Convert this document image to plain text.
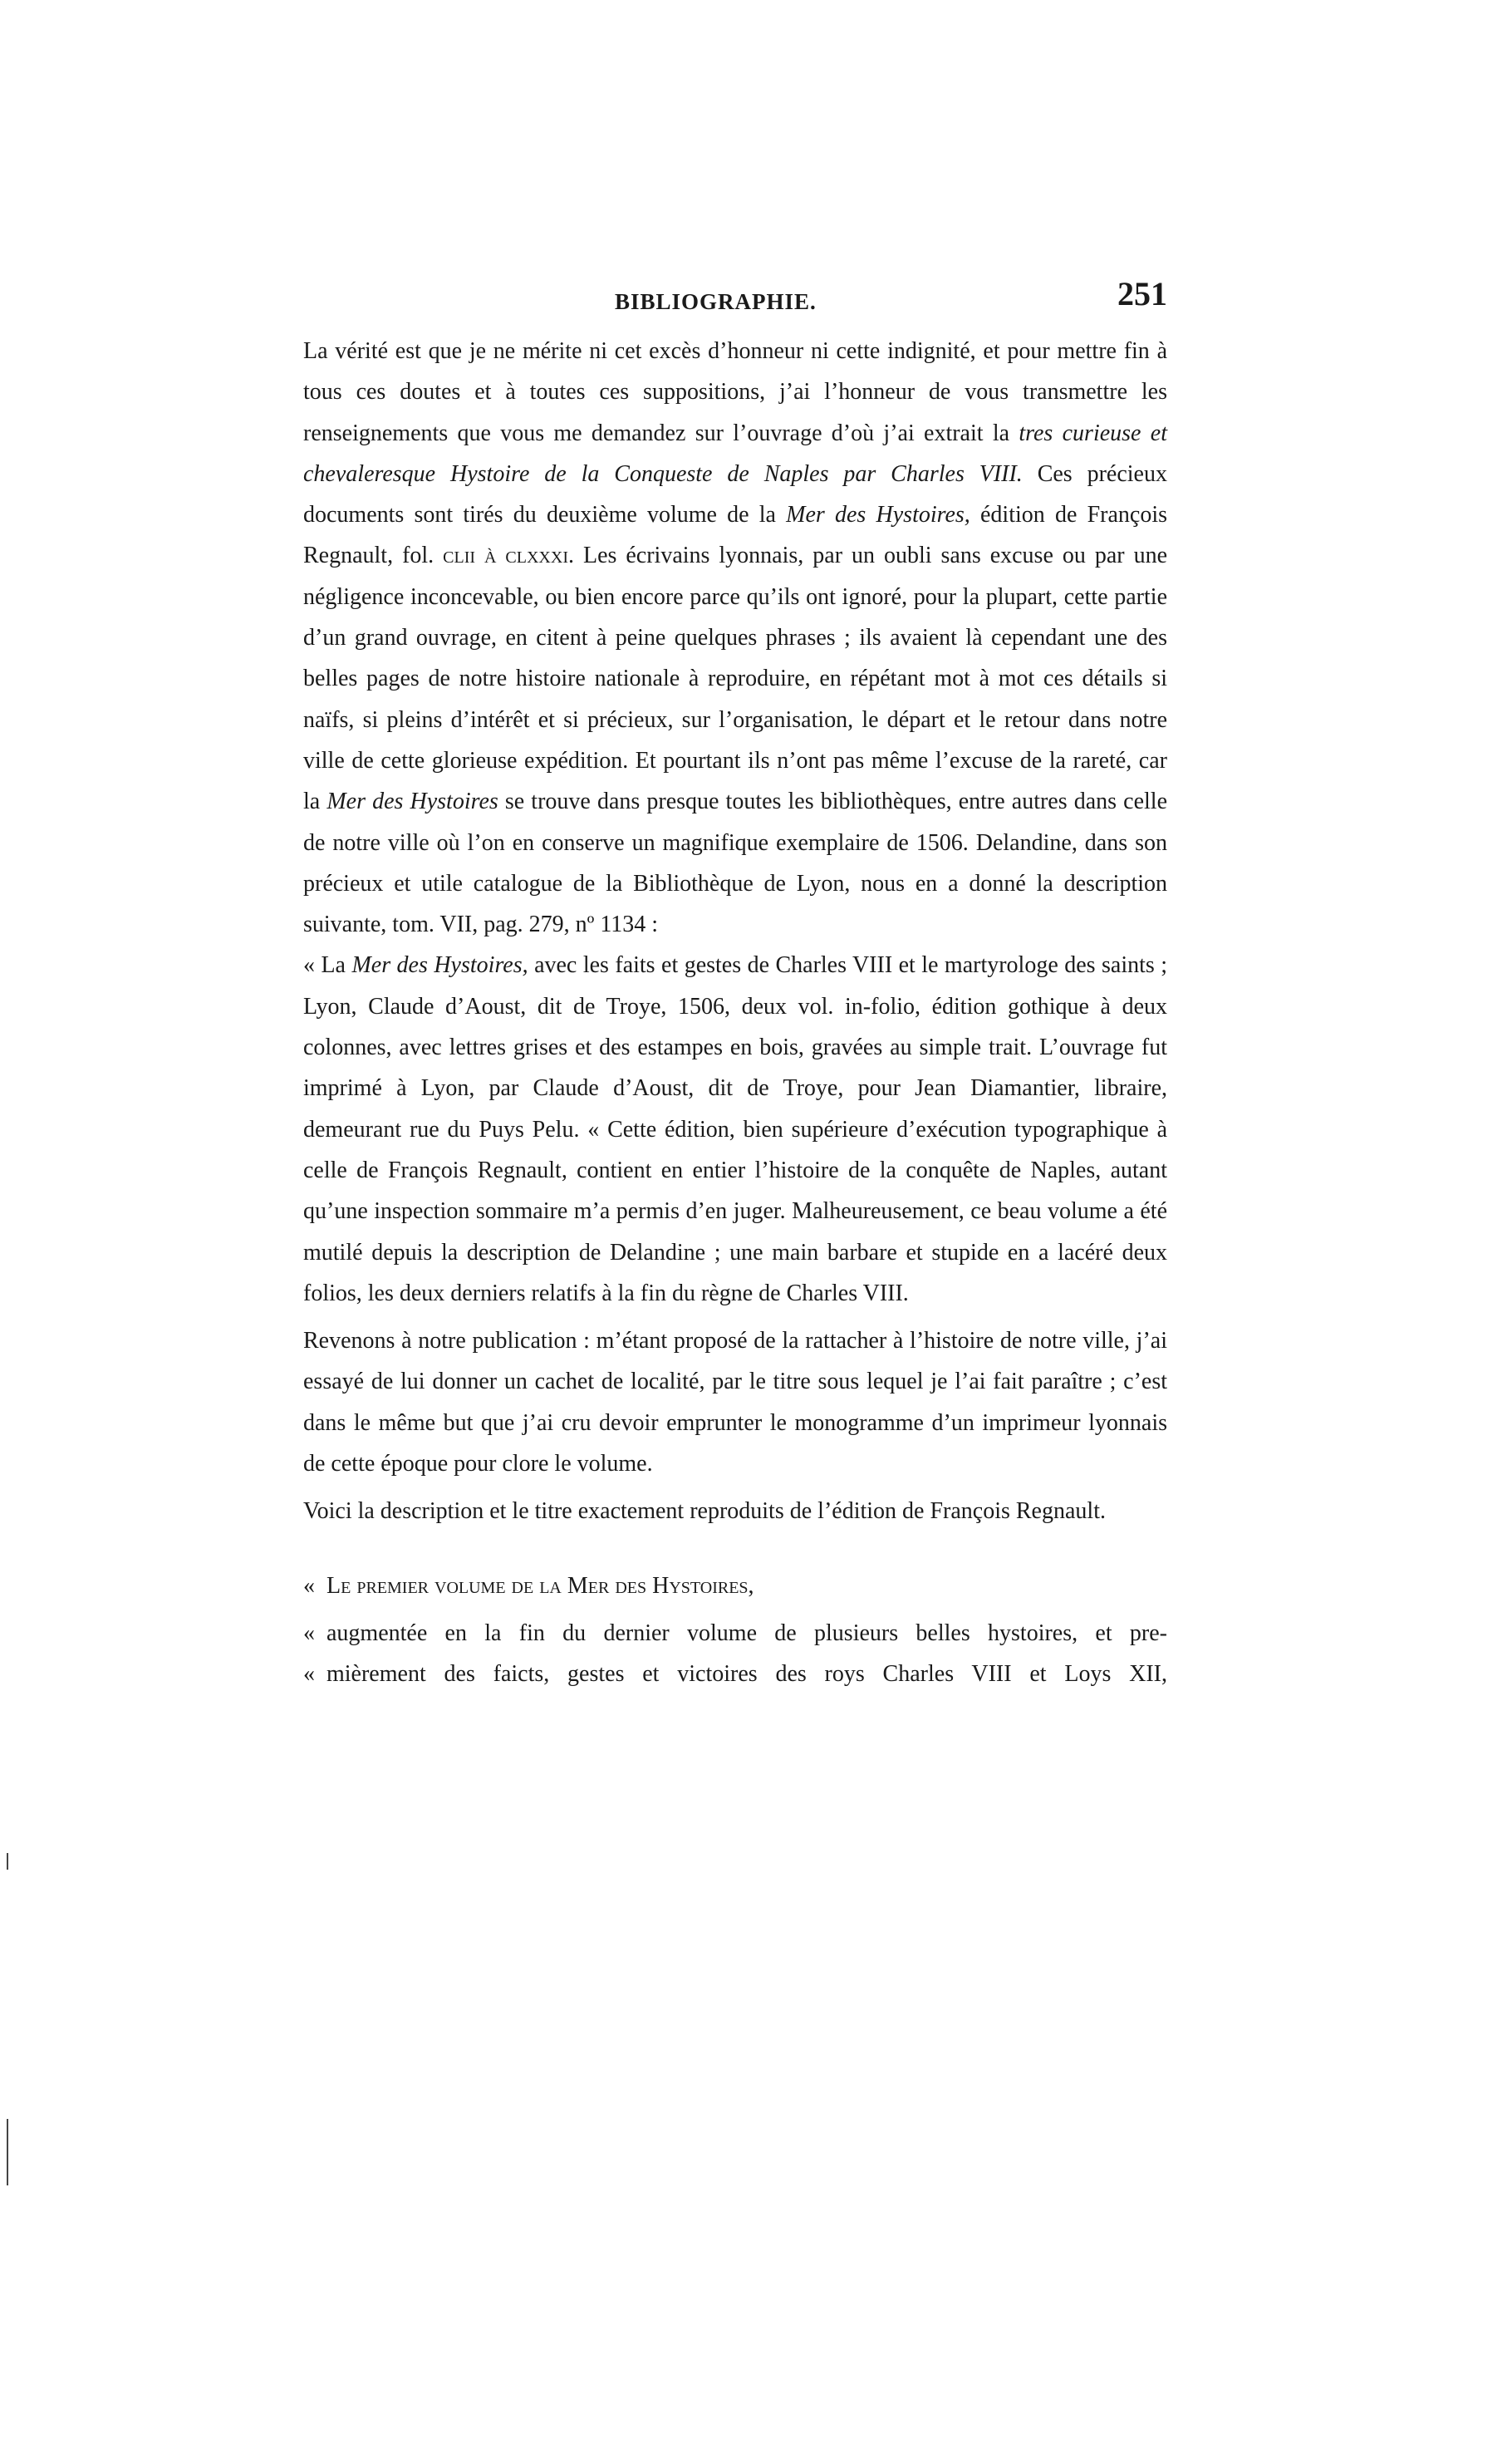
BIBLIOGRAPHIE.	251

La vérité est que je ne mérite ni cet excès d’honneur ni cette indignité, et pour mettre fin à tous ces doutes et à toutes ces suppositions, j’ai l’honneur de vous transmettre les renseignements que vous me demandez sur l’ouvrage d’où j’ai extrait la tres curieuse et chevaleresque Hystoire de la Conqueste de Naples par Charles VIII. Ces précieux documents sont tirés du deuxième volume de la Mer des Hystoires, édition de François Regnault, fol. clii à clxxxi. Les écrivains lyonnais, par un oubli sans excuse ou par une négligence inconcevable, ou bien encore parce qu’ils ont ignoré, pour la plupart, cette partie d’un grand ouvrage, en citent à peine quelques phrases ; ils avaient là cependant une des belles pages de notre histoire nationale à reproduire, en répétant mot à mot ces détails si naïfs, si pleins d’intérêt et si précieux, sur l’organisation, le départ et le retour dans notre ville de cette glorieuse expédition. Et pourtant ils n’ont pas même l’excuse de la rareté, car la Mer des Hystoires se trouve dans presque toutes les bibliothèques, entre autres dans celle de notre ville où l’on en conserve un magnifique exemplaire de 1506. Delandine, dans son précieux et utile catalogue de la Bibliothèque de Lyon, nous en a donné la description suivante, tom. VII, pag. 279, nº 1134 :

« La Mer des Hystoires, avec les faits et gestes de Charles VIII et le martyrologe des saints ; Lyon, Claude d’Aoust, dit de Troye, 1506, deux vol. in-folio, édition gothique à deux colonnes, avec lettres grises et des estampes en bois, gravées au simple trait. L’ouvrage fut imprimé à Lyon, par Claude d’Aoust, dit de Troye, pour Jean Diamantier, libraire, demeurant rue du Puys Pelu. « Cette édition, bien supérieure d’exécution typographique à celle de François Regnault, contient en entier l’histoire de la conquête de Naples, autant qu’une inspection sommaire m’a permis d’en juger. Malheureusement, ce beau volume a été mutilé depuis la description de Delandine ; une main barbare et stupide en a lacéré deux folios, les deux derniers relatifs à la fin du règne de Charles VIII.

Revenons à notre publication : m’étant proposé de la rattacher à l’histoire de notre ville, j’ai essayé de lui donner un cachet de localité, par le titre sous lequel je l’ai fait paraître ; c’est dans le même but que j’ai cru devoir emprunter le monogramme d’un imprimeur lyonnais de cette époque pour clore le volume.

Voici la description et le titre exactement reproduits de l’édition de François Regnault.

« Le premier volume de la Mer des Hystoires,

« augmentée en la fin du dernier volume de plusieurs belles hystoires, et pre-

« mièrement des faicts, gestes et victoires des roys Charles VIII et Loys XII,
